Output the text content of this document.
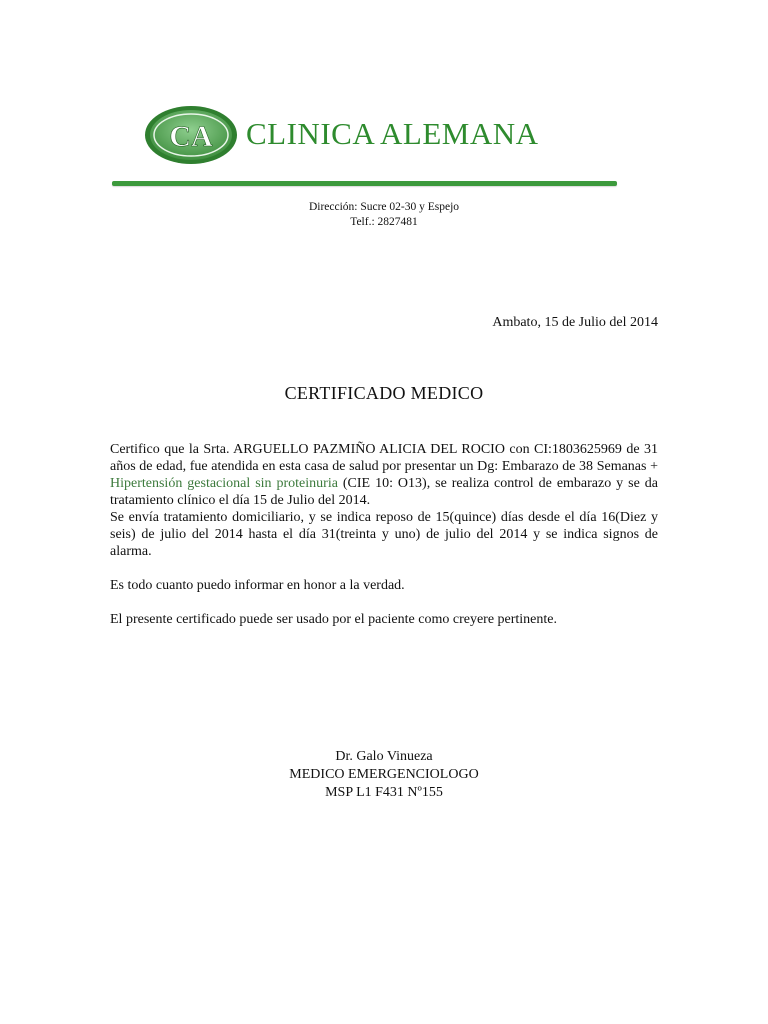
CA CLINICA ALEMANA
Dirección: Sucre 02-30 y Espejo
Telf.: 2827481
Ambato, 15 de Julio del 2014
CERTIFICADO MEDICO

Certifico que la Srta. ARGUELLO PAZMIÑO ALICIA DEL ROCIO con CI:1803625969 de 31 años de edad, fue atendida en esta casa de salud por presentar un Dg: Embarazo de 38 Semanas + Hipertensión gestacional sin proteinuria (CIE 10: O13), se realiza control de embarazo y se da tratamiento clínico el día 15 de Julio del 2014.

Se envía tratamiento domiciliario, y se indica reposo de 15(quince) días desde el día 16(Diez y seis) de julio del 2014 hasta el día 31(treinta y uno) de julio del 2014 y se indica signos de alarma.

Es todo cuanto puedo informar en honor a la verdad.

El presente certificado puede ser usado por el paciente como creyere pertinente.

Dr. Galo Vinueza
MEDICO EMERGENCIOLOGO
MSP L1 F431 Nº155
